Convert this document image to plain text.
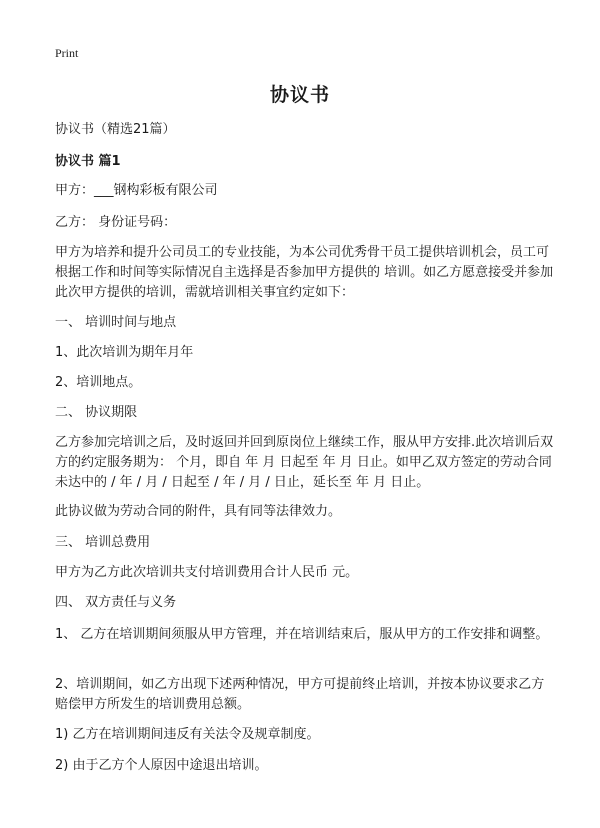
Print
协议书

协议书（精选21篇）

协议书 篇1

甲方：___钢构彩板有限公司

乙方： 身份证号码：

甲方为培养和提升公司员工的专业技能，为本公司优秀骨干员工提供培训机会，员工可根据工作和时间等实际情况自主选择是否参加甲方提供的 培训。如乙方愿意接受并参加此次甲方提供的培训，需就培训相关事宜约定如下：

一、 培训时间与地点

1、此次培训为期年月年

2、培训地点。

二、 协议期限

乙方参加完培训之后，及时返回并回到原岗位上继续工作，服从甲方安排.此次培训后双方的约定服务期为： 个月，即自 年 月 日起至 年 月 日止。如甲乙双方签定的劳动合同未达中的 / 年 / 月 / 日起至 / 年 / 月 / 日止，延长至 年 月 日止。

此协议做为劳动合同的附件，具有同等法律效力。

三、 培训总费用

甲方为乙方此次培训共支付培训费用合计人民币 元。

四、 双方责任与义务

1、 乙方在培训期间须服从甲方管理，并在培训结束后，服从甲方的工作安排和调整。

2、培训期间，如乙方出现下述两种情况，甲方可提前终止培训，并按本协议要求乙方赔偿甲方所发生的培训费用总额。

1) 乙方在培训期间违反有关法令及规章制度。

2) 由于乙方个人原因中途退出培训。
